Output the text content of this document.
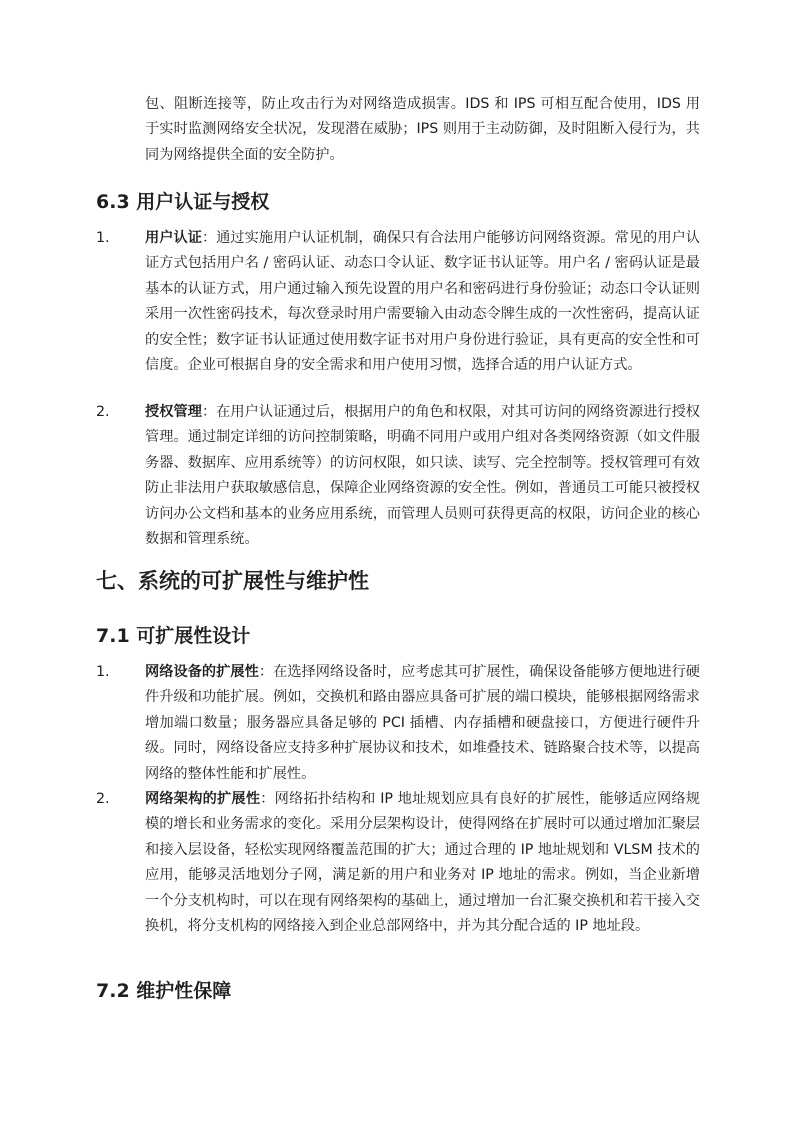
包、阻断连接等，防止攻击行为对网络造成损害。IDS 和 IPS 可相互配合使用，IDS 用于实时监测网络安全状况，发现潜在威胁；IPS 则用于主动防御，及时阻断入侵行为，共同为网络提供全面的安全防护。

6.3 用户认证与授权
1. 用户认证：通过实施用户认证机制，确保只有合法用户能够访问网络资源。常见的用户认证方式包括用户名 / 密码认证、动态口令认证、数字证书认证等。用户名 / 密码认证是最基本的认证方式，用户通过输入预先设置的用户名和密码进行身份验证；动态口令认证则采用一次性密码技术，每次登录时用户需要输入由动态令牌生成的一次性密码，提高认证的安全性；数字证书认证通过使用数字证书对用户身份进行验证，具有更高的安全性和可信度。企业可根据自身的安全需求和用户使用习惯，选择合适的用户认证方式。

2. 授权管理：在用户认证通过后，根据用户的角色和权限，对其可访问的网络资源进行授权管理。通过制定详细的访问控制策略，明确不同用户或用户组对各类网络资源（如文件服务器、数据库、应用系统等）的访问权限，如只读、读写、完全控制等。授权管理可有效防止非法用户获取敏感信息，保障企业网络资源的安全性。例如，普通员工可能只被授权访问办公文档和基本的业务应用系统，而管理人员则可获得更高的权限，访问企业的核心数据和管理系统。

七、系统的可扩展性与维护性
7.1 可扩展性设计
1. 网络设备的扩展性：在选择网络设备时，应考虑其可扩展性，确保设备能够方便地进行硬件升级和功能扩展。例如，交换机和路由器应具备可扩展的端口模块，能够根据网络需求增加端口数量；服务器应具备足够的 PCI 插槽、内存插槽和硬盘接口，方便进行硬件升级。同时，网络设备应支持多种扩展协议和技术，如堆叠技术、链路聚合技术等，以提高网络的整体性能和扩展性。

2. 网络架构的扩展性：网络拓扑结构和 IP 地址规划应具有良好的扩展性，能够适应网络规模的增长和业务需求的变化。采用分层架构设计，使得网络在扩展时可以通过增加汇聚层和接入层设备，轻松实现网络覆盖范围的扩大；通过合理的 IP 地址规划和 VLSM 技术的应用，能够灵活地划分子网，满足新的用户和业务对 IP 地址的需求。例如，当企业新增一个分支机构时，可以在现有网络架构的基础上，通过增加一台汇聚交换机和若干接入交换机，将分支机构的网络接入到企业总部网络中，并为其分配合适的 IP 地址段。

7.2 维护性保障
